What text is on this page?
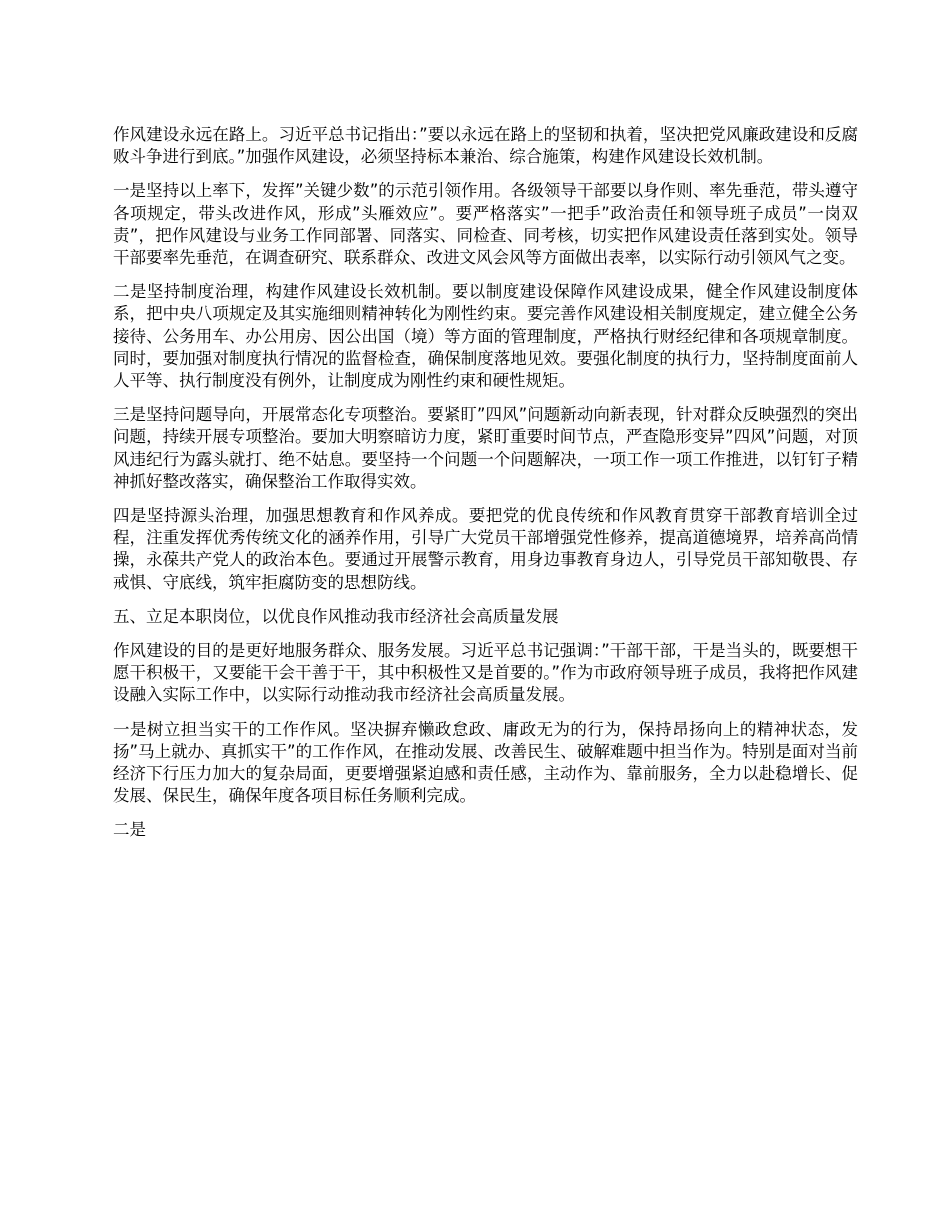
作风建设永远在路上。习近平总书记指出：”要以永远在路上的坚韧和执着，坚决把党风廉政建设和反腐败斗争进行到底。”加强作风建设，必须坚持标本兼治、综合施策，构建作风建设长效机制。

一是坚持以上率下，发挥”关键少数”的示范引领作用。各级领导干部要以身作则、率先垂范，带头遵守各项规定，带头改进作风，形成”头雁效应”。要严格落实”一把手”政治责任和领导班子成员”一岗双责”，把作风建设与业务工作同部署、同落实、同检查、同考核，切实把作风建设责任落到实处。领导干部要率先垂范，在调查研究、联系群众、改进文风会风等方面做出表率，以实际行动引领风气之变。

二是坚持制度治理，构建作风建设长效机制。要以制度建设保障作风建设成果，健全作风建设制度体系，把中央八项规定及其实施细则精神转化为刚性约束。要完善作风建设相关制度规定，建立健全公务接待、公务用车、办公用房、因公出国（境）等方面的管理制度，严格执行财经纪律和各项规章制度。同时，要加强对制度执行情况的监督检查，确保制度落地见效。要强化制度的执行力，坚持制度面前人人平等、执行制度没有例外，让制度成为刚性约束和硬性规矩。

三是坚持问题导向，开展常态化专项整治。要紧盯”四风”问题新动向新表现，针对群众反映强烈的突出问题，持续开展专项整治。要加大明察暗访力度，紧盯重要时间节点，严查隐形变异”四风”问题，对顶风违纪行为露头就打、绝不姑息。要坚持一个问题一个问题解决，一项工作一项工作推进，以钉钉子精神抓好整改落实，确保整治工作取得实效。

四是坚持源头治理，加强思想教育和作风养成。要把党的优良传统和作风教育贯穿干部教育培训全过程，注重发挥优秀传统文化的涵养作用，引导广大党员干部增强党性修养，提高道德境界，培养高尚情操，永葆共产党人的政治本色。要通过开展警示教育，用身边事教育身边人，引导党员干部知敬畏、存戒惧、守底线，筑牢拒腐防变的思想防线。

五、立足本职岗位，以优良作风推动我市经济社会高质量发展

作风建设的目的是更好地服务群众、服务发展。习近平总书记强调：”干部干部，干是当头的，既要想干愿干积极干，又要能干会干善于干，其中积极性又是首要的。”作为市政府领导班子成员，我将把作风建设融入实际工作中，以实际行动推动我市经济社会高质量发展。

一是树立担当实干的工作作风。坚决摒弃懒政怠政、庸政无为的行为，保持昂扬向上的精神状态，发扬”马上就办、真抓实干”的工作作风，在推动发展、改善民生、破解难题中担当作为。特别是面对当前经济下行压力加大的复杂局面，更要增强紧迫感和责任感，主动作为、靠前服务，全力以赴稳增长、促发展、保民生，确保年度各项目标任务顺利完成。

二是
